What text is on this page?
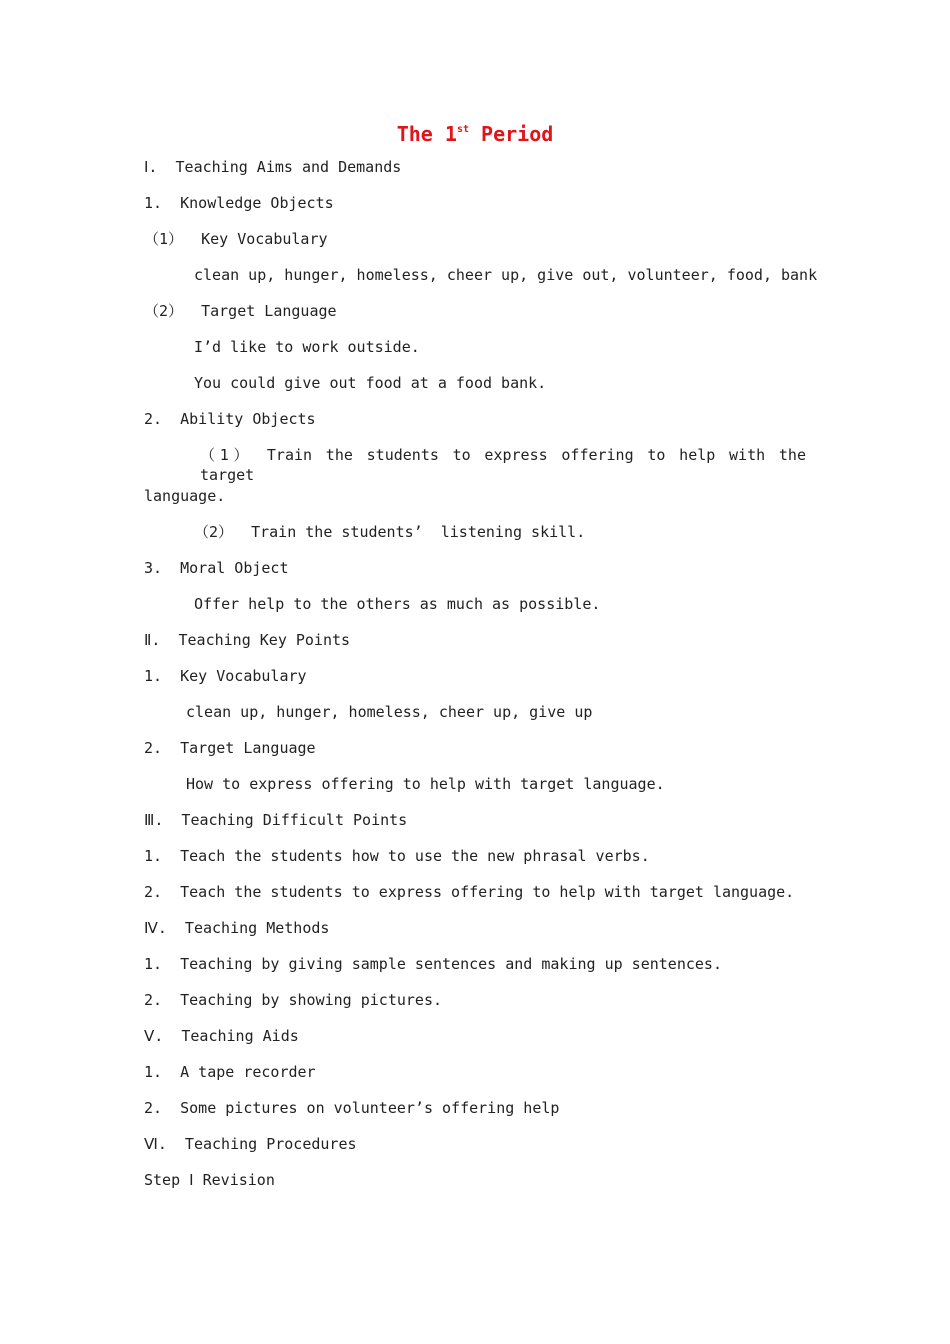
The 1st Period
Ⅰ.  Teaching Aims and Demands
1.  Knowledge Objects
（1）  Key Vocabulary
clean up, hunger, homeless, cheer up, give out, volunteer, food, bank
（2）  Target Language
I’d like to work outside.
You could give out food at a food bank.
2.  Ability Objects
（1） Train the students to express offering to help with the target
language.
（2）  Train the students’  listening skill.
3.  Moral Object
Offer help to the others as much as possible.
Ⅱ.  Teaching Key Points
1.  Key Vocabulary
clean up, hunger, homeless, cheer up, give up
2.  Target Language
How to express offering to help with target language.
Ⅲ.  Teaching Difficult Points
1.  Teach the students how to use the new phrasal verbs.
2.  Teach the students to express offering to help with target language.
Ⅳ.  Teaching Methods
1.  Teaching by giving sample sentences and making up sentences.
2.  Teaching by showing pictures.
Ⅴ.  Teaching Aids
1.  A tape recorder
2.  Some pictures on volunteer’s offering help
Ⅵ.  Teaching Procedures
Step Ⅰ Revision
